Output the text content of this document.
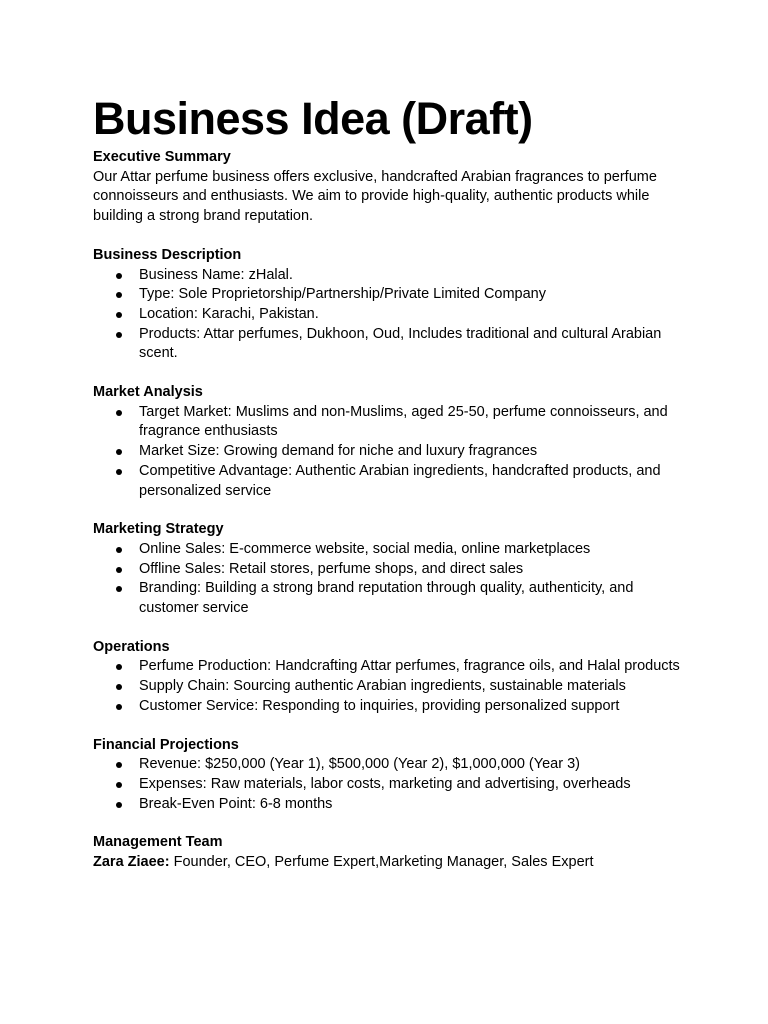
Business Idea (Draft)

Executive Summary

Our Attar perfume business offers exclusive, handcrafted Arabian fragrances to perfume connoisseurs and enthusiasts. We aim to provide high-quality, authentic products while building a strong brand reputation.

Business Description

Business Name: zHalal.
Type: Sole Proprietorship/Partnership/Private Limited Company
Location: Karachi, Pakistan.
Products: Attar perfumes, Dukhoon, Oud, Includes traditional and cultural Arabian scent.

Market Analysis

Target Market: Muslims and non-Muslims, aged 25-50, perfume connoisseurs, and fragrance enthusiasts
Market Size: Growing demand for niche and luxury fragrances
Competitive Advantage: Authentic Arabian ingredients, handcrafted products, and personalized service

Marketing Strategy

Online Sales: E-commerce website, social media, online marketplaces
Offline Sales: Retail stores, perfume shops, and direct sales
Branding: Building a strong brand reputation through quality, authenticity, and customer service

Operations

Perfume Production: Handcrafting Attar perfumes, fragrance oils, and Halal products
Supply Chain: Sourcing authentic Arabian ingredients, sustainable materials
Customer Service: Responding to inquiries, providing personalized support

Financial Projections

Revenue: $250,000 (Year 1), $500,000 (Year 2), $1,000,000 (Year 3)
Expenses: Raw materials, labor costs, marketing and advertising, overheads
Break-Even Point: 6-8 months

Management Team

Zara Ziaee: Founder, CEO, Perfume Expert,Marketing Manager, Sales Expert
